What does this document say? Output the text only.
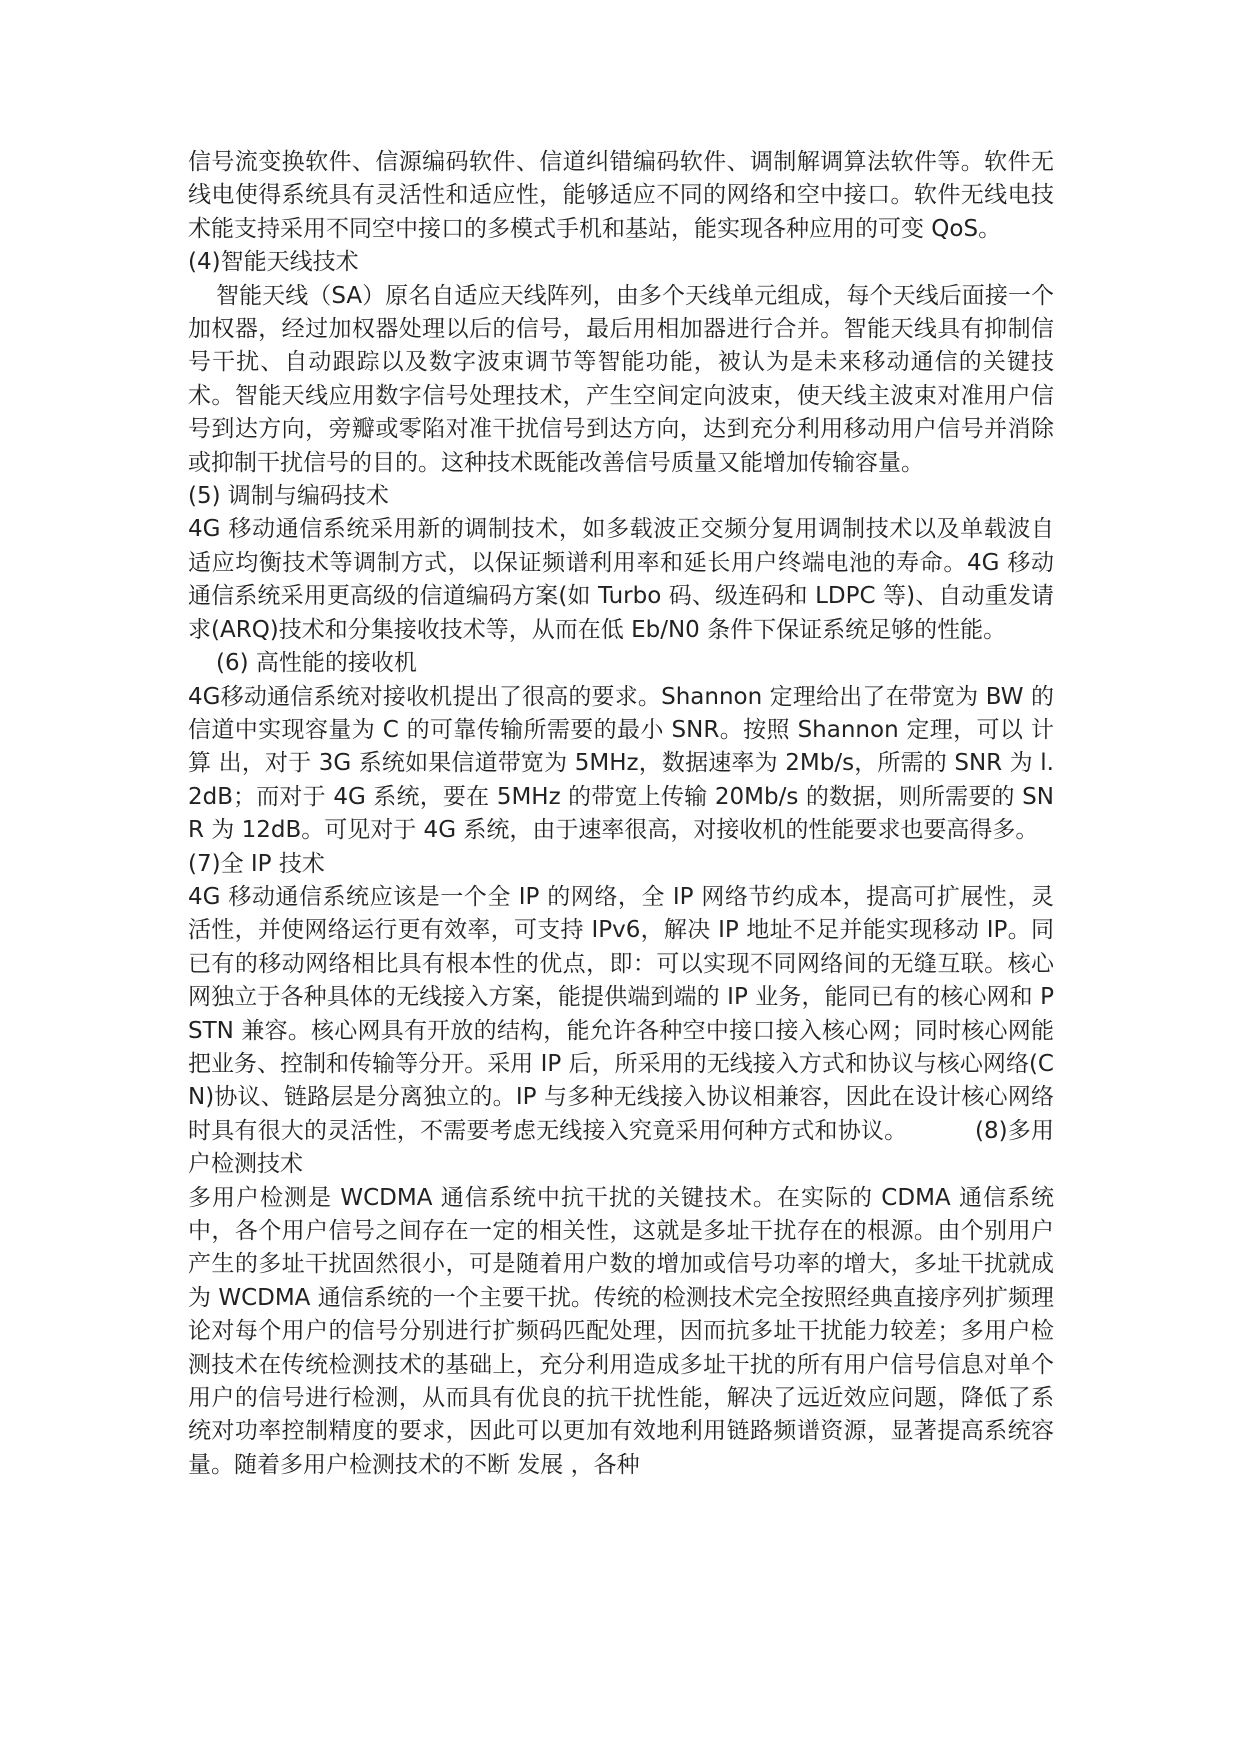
信号流变换软件、信源编码软件、信道纠错编码软件、调制解调算法软件等。软件无线电使得系统具有灵活性和适应性，能够适应不同的网络和空中接口。软件无线电技术能支持采用不同空中接口的多模式手机和基站，能实现各种应用的可变 QoS。

(4)智能天线技术

智能天线（SA）原名自适应天线阵列，由多个天线单元组成，每个天线后面接一个加权器，经过加权器处理以后的信号，最后用相加器进行合并。智能天线具有抑制信号干扰、自动跟踪以及数字波束调节等智能功能，被认为是未来移动通信的关键技术。智能天线应用数字信号处理技术，产生空间定向波束，使天线主波束对准用户信号到达方向，旁瓣或零陷对准干扰信号到达方向，达到充分利用移动用户信号并消除或抑制干扰信号的目的。这种技术既能改善信号质量又能增加传输容量。

(5) 调制与编码技术

4G 移动通信系统采用新的调制技术，如多载波正交频分复用调制技术以及单载波自适应均衡技术等调制方式，以保证频谱利用率和延长用户终端电池的寿命。4G 移动通信系统采用更高级的信道编码方案(如 Turbo 码、级连码和 LDPC 等)、自动重发请求(ARQ)技术和分集接收技术等，从而在低 Eb/N0 条件下保证系统足够的性能。

(6) 高性能的接收机

4G移动通信系统对接收机提出了很高的要求。Shannon 定理给出了在带宽为 BW 的信道中实现容量为 C 的可靠传输所需要的最小 SNR。按照 Shannon 定理，可以 计算 出，对于 3G 系统如果信道带宽为 5MHz，数据速率为 2Mb/s，所需的 SNR 为 l.2dB；而对于 4G 系统，要在 5MHz 的带宽上传输 20Mb/s 的数据，则所需要的 SNR 为 12dB。可见对于 4G 系统，由于速率很高，对接收机的性能要求也要高得多。

(7)全 IP 技术

4G 移动通信系统应该是一个全 IP 的网络，全 IP 网络节约成本，提高可扩展性，灵活性，并使网络运行更有效率，可支持 IPv6，解决 IP 地址不足并能实现移动 IP。同已有的移动网络相比具有根本性的优点，即：可以实现不同网络间的无缝互联。核心网独立于各种具体的无线接入方案，能提供端到端的 IP 业务，能同已有的核心网和 PSTN 兼容。核心网具有开放的结构，能允许各种空中接口接入核心网；同时核心网能把业务、控制和传输等分开。采用 IP 后，所采用的无线接入方式和协议与核心网络(CN)协议、链路层是分离独立的。IP 与多种无线接入协议相兼容，因此在设计核心网络时具有很大的灵活性，不需要考虑无线接入究竟采用何种方式和协议。	(8)多用户检测技术

多用户检测是 WCDMA 通信系统中抗干扰的关键技术。在实际的 CDMA 通信系统中，各个用户信号之间存在一定的相关性，这就是多址干扰存在的根源。由个别用户产生的多址干扰固然很小，可是随着用户数的增加或信号功率的增大，多址干扰就成为 WCDMA 通信系统的一个主要干扰。传统的检测技术完全按照经典直接序列扩频理论对每个用户的信号分别进行扩频码匹配处理，因而抗多址干扰能力较差；多用户检测技术在传统检测技术的基础上，充分利用造成多址干扰的所有用户信号信息对单个用户的信号进行检测，从而具有优良的抗干扰性能，解决了远近效应问题，降低了系统对功率控制精度的要求，因此可以更加有效地利用链路频谱资源，显著提高系统容量。随着多用户检测技术的不断 发展 ，各种
